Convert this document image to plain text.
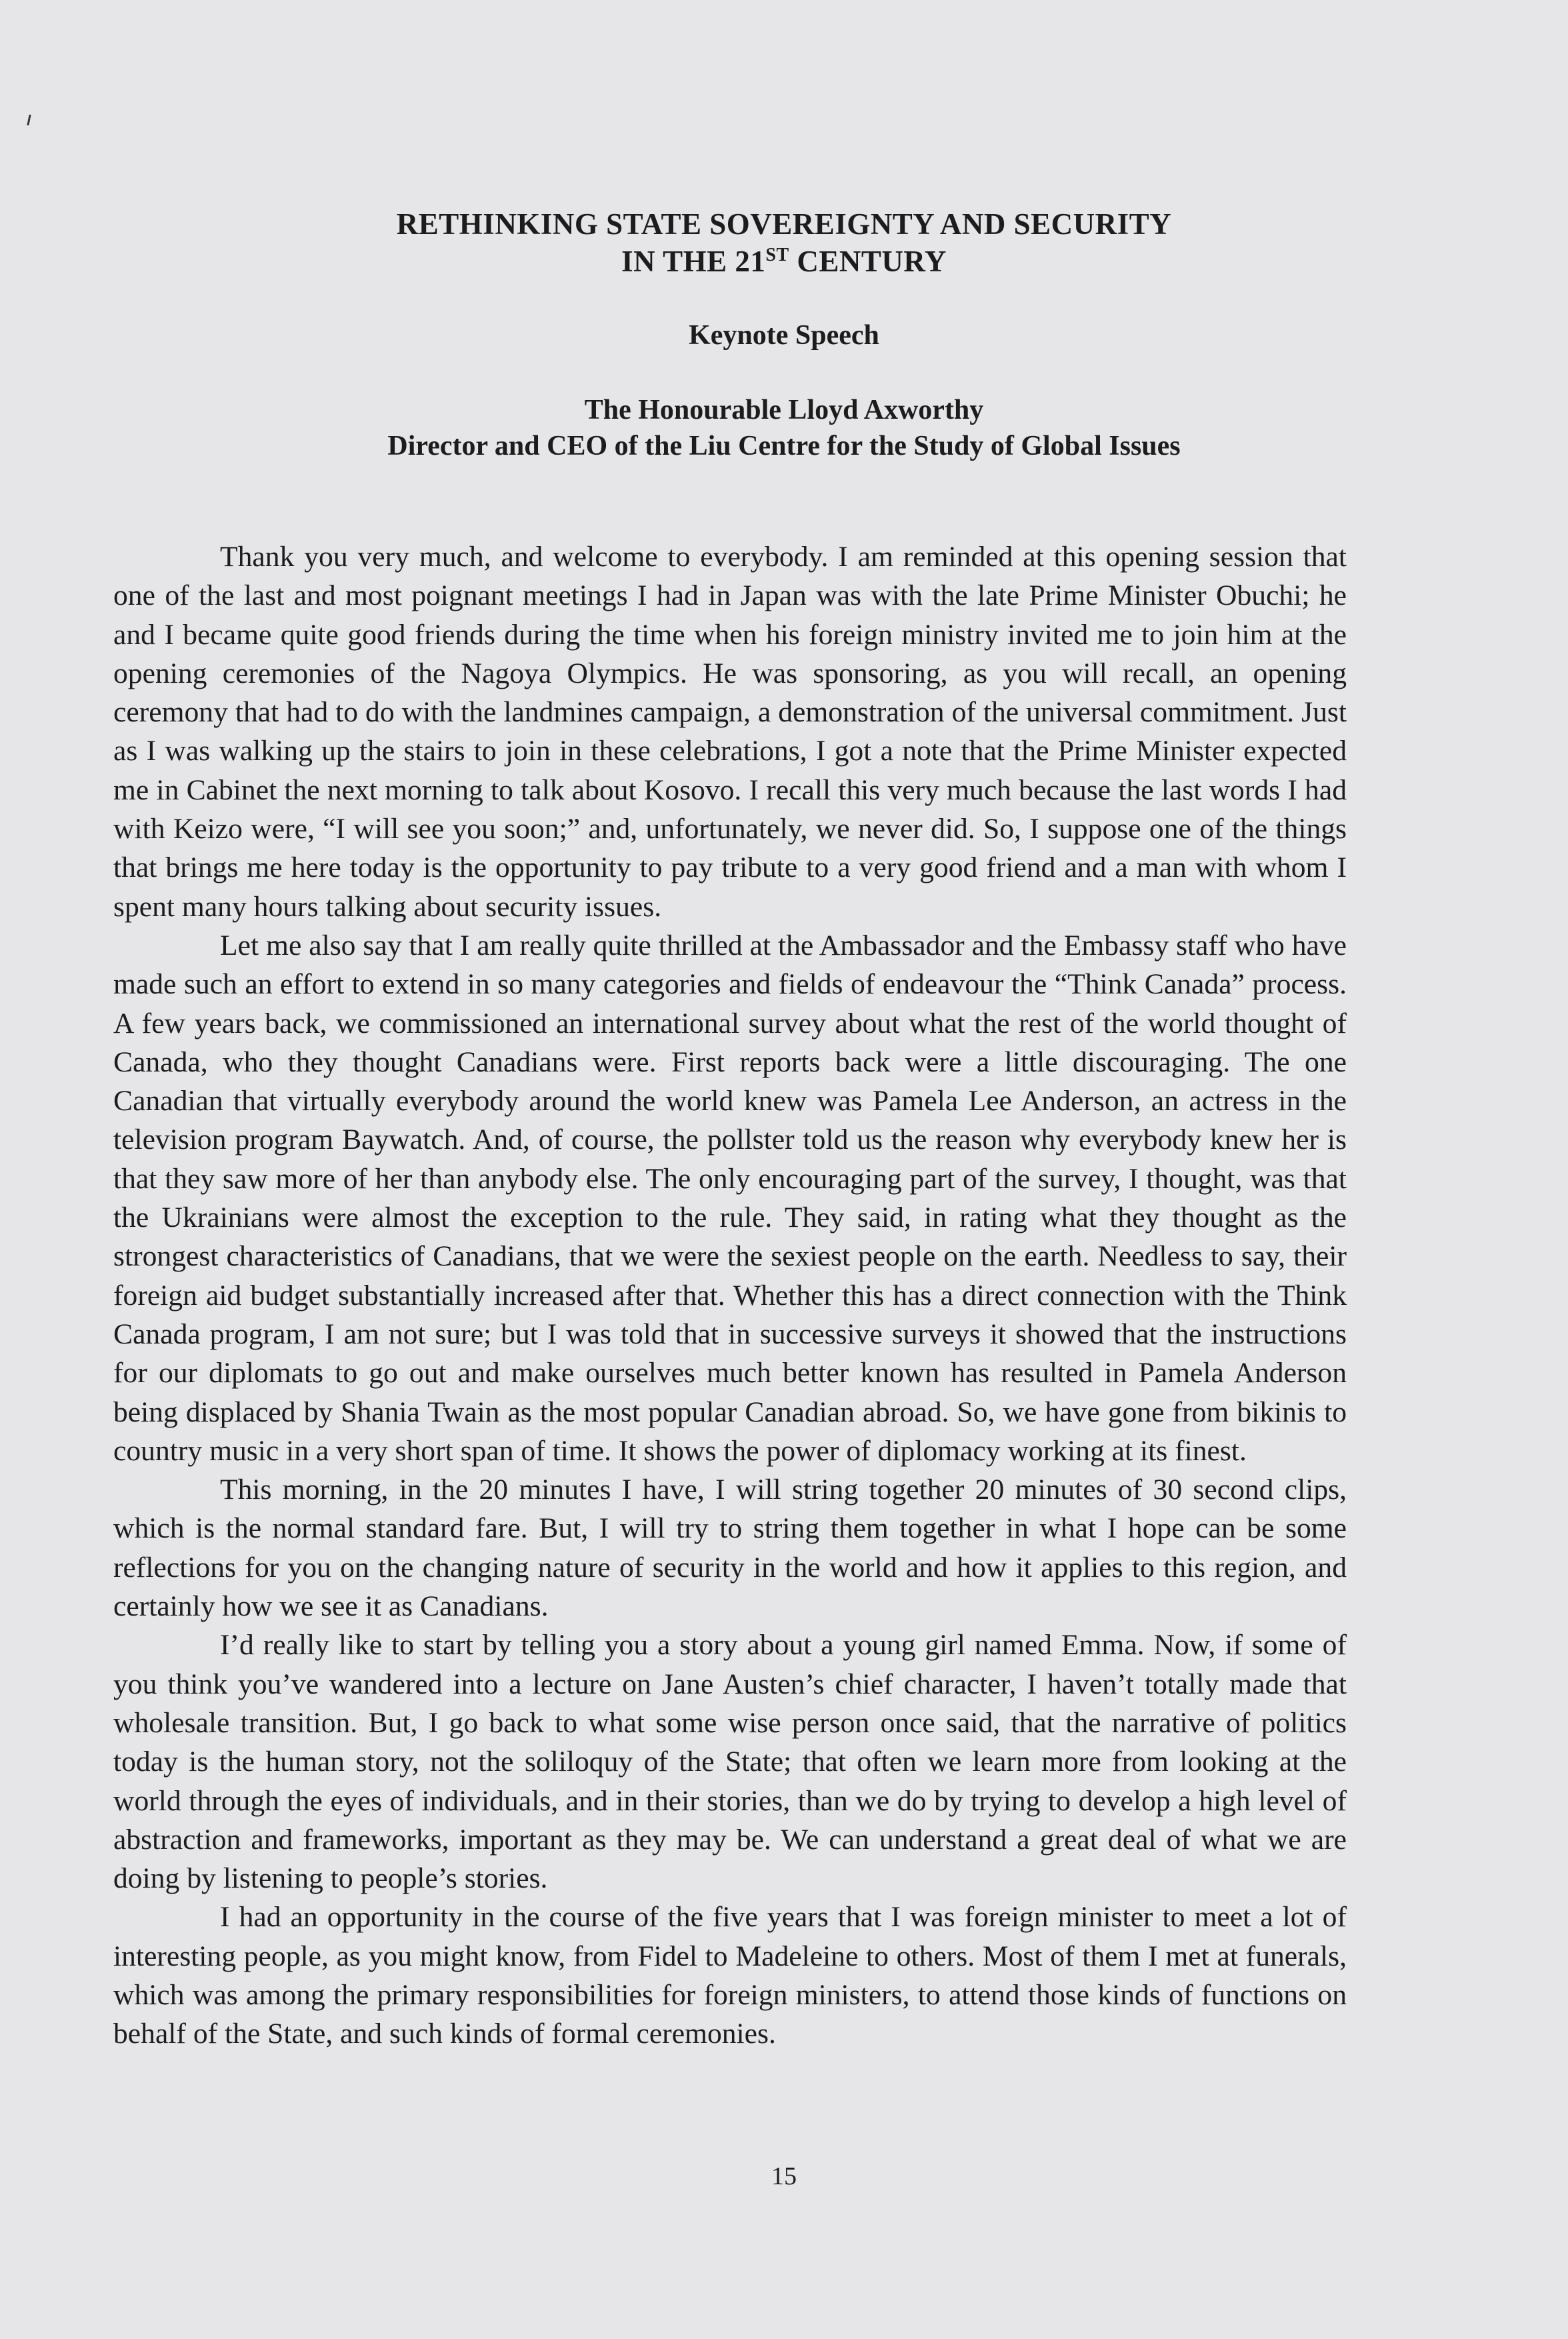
RETHINKING STATE SOVEREIGNTY AND SECURITY
IN THE 21ST CENTURY
Keynote Speech
The Honourable Lloyd Axworthy
Director and CEO of the Liu Centre for the Study of Global Issues

Thank you very much, and welcome to everybody. I am reminded at this opening session that one of the last and most poignant meetings I had in Japan was with the late Prime Minister Obuchi; he and I became quite good friends during the time when his foreign ministry invited me to join him at the opening ceremonies of the Nagoya Olympics. He was sponsoring, as you will recall, an opening ceremony that had to do with the landmines campaign, a demonstration of the universal commitment. Just as I was walking up the stairs to join in these celebrations, I got a note that the Prime Minister expected me in Cabinet the next morning to talk about Kosovo. I recall this very much because the last words I had with Keizo were, “I will see you soon;” and, unfortunately, we never did. So, I suppose one of the things that brings me here today is the opportunity to pay tribute to a very good friend and a man with whom I spent many hours talking about security issues.

Let me also say that I am really quite thrilled at the Ambassador and the Embassy staff who have made such an effort to extend in so many categories and fields of endeavour the “Think Canada” process. A few years back, we commissioned an international survey about what the rest of the world thought of Canada, who they thought Canadians were. First reports back were a little discouraging. The one Canadian that virtually everybody around the world knew was Pamela Lee Anderson, an actress in the television program Baywatch. And, of course, the pollster told us the reason why everybody knew her is that they saw more of her than anybody else. The only encouraging part of the survey, I thought, was that the Ukrainians were almost the exception to the rule. They said, in rating what they thought as the strongest characteristics of Canadians, that we were the sexiest people on the earth. Needless to say, their foreign aid budget substantially increased after that. Whether this has a direct connection with the Think Canada program, I am not sure; but I was told that in successive surveys it showed that the instructions for our diplomats to go out and make ourselves much better known has resulted in Pamela Anderson being displaced by Shania Twain as the most popular Canadian abroad. So, we have gone from bikinis to country music in a very short span of time. It shows the power of diplomacy working at its finest.

This morning, in the 20 minutes I have, I will string together 20 minutes of 30 second clips, which is the normal standard fare. But, I will try to string them together in what I hope can be some reflections for you on the changing nature of security in the world and how it applies to this region, and certainly how we see it as Canadians.

I’d really like to start by telling you a story about a young girl named Emma. Now, if some of you think you’ve wandered into a lecture on Jane Austen’s chief character, I haven’t totally made that wholesale transition. But, I go back to what some wise person once said, that the narrative of politics today is the human story, not the soliloquy of the State; that often we learn more from looking at the world through the eyes of individuals, and in their stories, than we do by trying to develop a high level of abstraction and frameworks, important as they may be. We can understand a great deal of what we are doing by listening to people’s stories.

I had an opportunity in the course of the five years that I was foreign minister to meet a lot of interesting people, as you might know, from Fidel to Madeleine to others. Most of them I met at funerals, which was among the primary responsibilities for foreign ministers, to attend those kinds of functions on behalf of the State, and such kinds of formal ceremonies.

15
